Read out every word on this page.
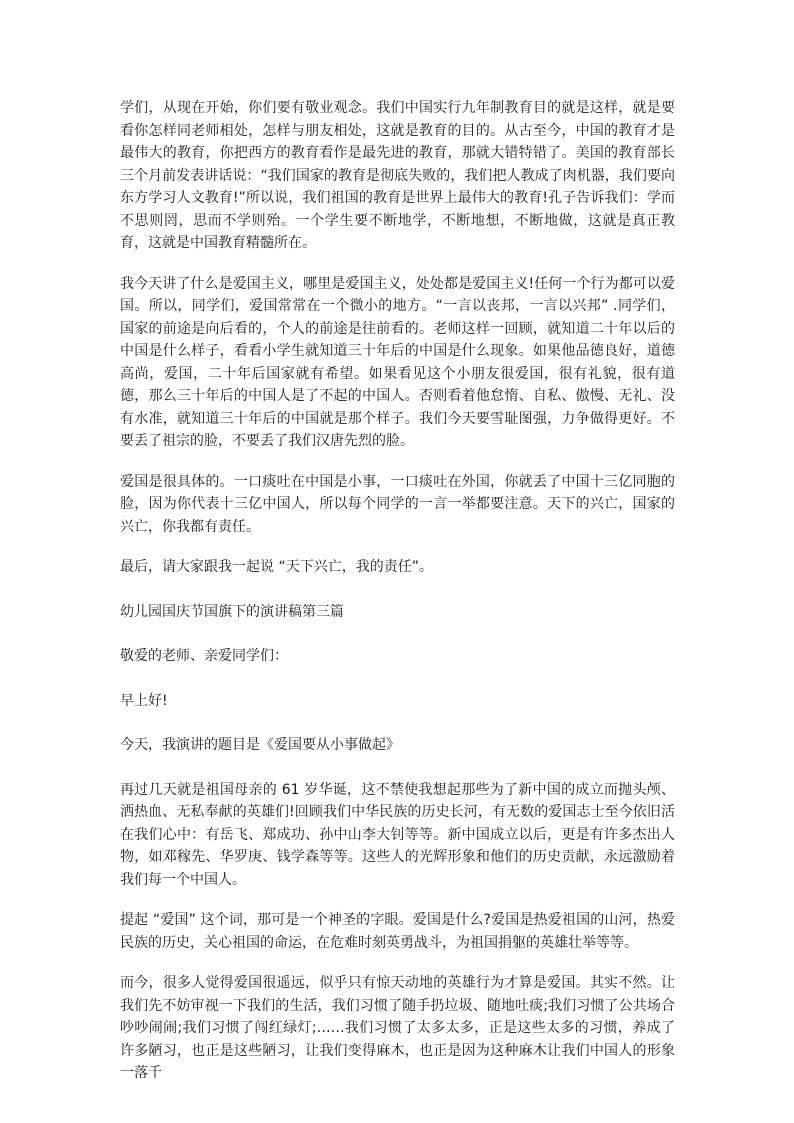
学们，从现在开始，你们要有敬业观念。我们中国实行九年制教育目的就是这样，就是要看你怎样同老师相处，怎样与朋友相处，这就是教育的目的。从古至今，中国的教育才是最伟大的教育，你把西方的教育看作是最先进的教育，那就大错特错了。美国的教育部长三个月前发表讲话说：“我们国家的教育是彻底失败的，我们把人教成了肉机器，我们要向东方学习人文教育!”所以说，我们祖国的教育是世界上最伟大的教育!孔子告诉我们：学而不思则罔，思而不学则殆。一个学生要不断地学，不断地想，不断地做，这就是真正教育，这就是中国教育精髓所在。

我今天讲了什么是爱国主义，哪里是爱国主义，处处都是爱国主义!任何一个行为都可以爱国。所以，同学们，爱国常常在一个微小的地方。“一言以丧邦，一言以兴邦” .同学们，国家的前途是向后看的，个人的前途是往前看的。老师这样一回顾，就知道二十年以后的中国是什么样子，看看小学生就知道三十年后的中国是什么现象。如果他品德良好，道德高尚，爱国，二十年后国家就有希望。如果看见这个小朋友很爱国，很有礼貌，很有道德，那么三十年后的中国人是了不起的中国人。否则看着他怠惰、自私、傲慢、无礼、没有水准，就知道三十年后的中国就是那个样子。我们今天要雪耻图强，力争做得更好。不要丢了祖宗的脸，不要丢了我们汉唐先烈的脸。

爱国是很具体的。一口痰吐在中国是小事，一口痰吐在外国，你就丢了中国十三亿同胞的脸，因为你代表十三亿中国人，所以每个同学的一言一举都要注意。天下的兴亡，国家的兴亡，你我都有责任。

最后，请大家跟我一起说 “天下兴亡，我的责任”。

幼儿园国庆节国旗下的演讲稿第三篇

敬爱的老师、亲爱同学们：

早上好!

今天，我演讲的题目是《爱国要从小事做起》

再过几天就是祖国母亲的 61 岁华诞，这不禁使我想起那些为了新中国的成立而抛头颅、洒热血、无私奉献的英雄们!回顾我们中华民族的历史长河，有无数的爱国志士至今依旧活在我们心中：有岳飞、郑成功、孙中山李大钊等等。新中国成立以后，更是有许多杰出人物，如邓稼先、华罗庚、钱学森等等。这些人的光辉形象和他们的历史贡献，永远激励着我们每一个中国人。

提起 “爱国” 这个词，那可是一个神圣的字眼。爱国是什么?爱国是热爱祖国的山河，热爱民族的历史，关心祖国的命运，在危难时刻英勇战斗，为祖国捐躯的英雄壮举等等。

而今，很多人觉得爱国很遥远，似乎只有惊天动地的英雄行为才算是爱国。其实不然。让我们先不妨审视一下我们的生活，我们习惯了随手扔垃圾、随地吐痰;我们习惯了公共场合吵吵闹闹;我们习惯了闯红绿灯;……我们习惯了太多太多，正是这些太多的习惯，养成了许多陋习，也正是这些陋习，让我们变得麻木，也正是因为这种麻木让我们中国人的形象一落千
